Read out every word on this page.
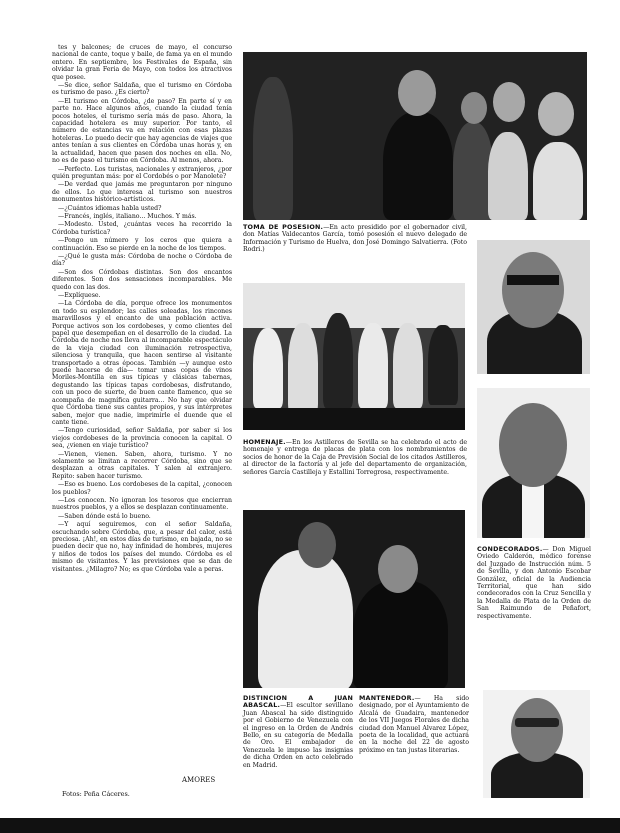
tes y balcones; de cruces de mayo, el concurso nacional de cante, toque y baile, de fama ya en el mundo entero. En septiembre, los Festivales de España, sin olvidar la gran Feria de Mayo, con todos los atractivos que posee.

—Se dice, señor Saldaña, que el turismo en Córdoba es turismo de paso. ¿Es cierto?

—El turismo en Córdoba, ¿de paso? En parte sí y en parte no. Hace algunos años, cuando la ciudad tenía pocos hoteles, el turismo sería más de paso. Ahora, la capacidad hotelera es muy superior. Por tanto, el número de estancias va en relación con esas plazas hoteleras. Lo puedo decir que hay agencias de viajes que antes tenían a sus clientes en Córdoba unas horas y, en la actualidad, hacen que pasen dos noches en ella. No, no es de paso el turismo en Córdoba. Al menos, ahora.

—Perfecto. Los turistas, nacionales y extranjeros, ¿por quién preguntan más: por el Cordobés o por Manolete?

—De verdad que jamás me preguntaron por ninguno de ellos. Lo que interesa al turismo son nuestros monumentos histórico-artísticos.

—¿Cuántos idiomas habla usted?

—Francés, inglés, italiano... Muchos. Y más.

—Modesto. Usted, ¿cuántas veces ha recorrido la Córdoba turística?

—Pongo un número y los ceros que quiera a continuación. Eso se pierde en la noche de los tiempos.

—¿Qué le gusta más: Córdoba de noche o Córdoba de día?

—Son dos Córdobas distintas. Son dos encantos diferentes. Son dos sensaciones incomparables. Me quedo con las dos.

—Explíquese.

—La Córdoba de día, porque ofrece los monumentos en todo su esplendor; las calles soleadas, los rincones maravillosos y el encanto de una población activa. Porque activos son los cordobeses, y como clientes del papel que desempeñan en el desarrollo de la ciudad. La Córdoba de noche nos lleva al incomparable espectáculo de la vieja ciudad con iluminación retrospectiva, silenciosa y tranquila, que hacen sentirse al visitante transportado a otras épocas. También —y aunque esto puede hacerse de día— tomar unas copas de vinos Moriles-Montilla en sus típicas y clásicas tabernas, degustando las típicas tapas cordobesas, disfrutando, con un poco de suerte, de buen cante flamenco, que se acompaña de magnífica guitarra... No hay que olvidar que Córdoba tiene sus cantes propios, y sus intérpretes saben, mejor que nadie, imprimirle el duende que el cante tiene.

—Tengo curiosidad, señor Saldaña, por saber si los viejos cordobeses de la provincia conocen la capital. O sea, ¿vienen en viaje turístico?

—Vienen, vienen. Saben, ahora, turismo. Y no solamente se limitan a recorrer Córdoba, sino que se desplazan a otras capitales. Y salen al extranjero. Repito: saben hacer turismo.

—Eso es bueno. Los cordobeses de la capital, ¿conocen los pueblos?

—Los conocen. No ignoran los tesoros que encierran nuestros pueblos, y a ellos se desplazan continuamente.

—Saben dónde está lo bueno.

—Y aquí seguiremos, con el señor Saldaña, escuchando sobre Córdoba, que, a pesar del calor, está preciosa. ¡Ah!, en estos días de turismo, en bajada, no se pueden decir que no, hay infinidad de hombres, mujeres y niños de todos los países del mundo. Córdoba es el mismo de visitantes. Y las previsiones que se dan de visitantes. ¿Milagro? No; es que Córdoba vale a peras.

AMORES
Fotos: Peña Cáceres.
TOMA DE POSESION.—En acto presidido por el gobernador civil, don Matías Valdecantos García, tomó posesión el nuevo delegado de Información y Turismo de Huelva, don José Domingo Salvatierra. (Foto Rodri.)
HOMENAJE.—En los Astilleros de Sevilla se ha celebrado el acto de homenaje y entrega de placas de plata con los nombramientos de socios de honor de la Caja de Previsión Social de los citados Astilleros, al director de la factoría y al jefe del departamento de organización, señores García Castilleja y Estallini Torregrosa, respectivamente.
CONDECORADOS.— Don Miguel Oviedo Calderón, médico forense del Juzgado de Instrucción núm. 5 de Sevilla, y don Antonio Escobar González, oficial de la Audiencia Territorial, que han sido condecorados con la Cruz Sencilla y la Medalla de Plata de la Orden de San Raimundo de Peñafort, respectivamente.
DISTINCION A JUAN ABASCAL.—El escultor sevillano Juan Abascal ha sido distinguido por el Gobierno de Venezuela con el ingreso en la Orden de Andrés Bello, en su categoría de Medalla de Oro. El embajador de Venezuela le impuso las insignias de dicha Orden en acto celebrado en Madrid.
MANTENEDOR.— Ha sido designado, por el Ayuntamiento de Alcalá de Guadaira, mantenedor de los VII Juegos Florales de dicha ciudad don Manuel Alvarez López, poeta de la localidad, que actuará en la noche del 22 de agosto próximo en tan justas literarias.
